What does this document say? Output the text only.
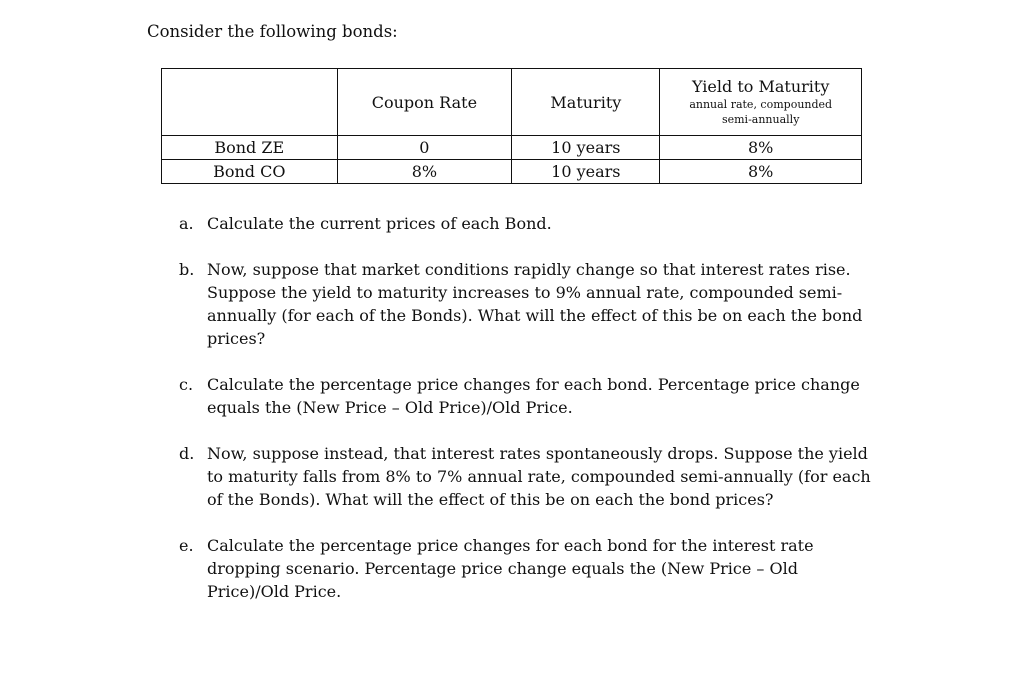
Consider the following bonds:
	Coupon Rate	Maturity	Yield to Maturity
annual rate, compounded
semi-annually

Bond ZE	0	10 years	8%
Bond CO	8%	10 years	8%
a. Calculate the current prices of each Bond.
b. Now, suppose that market conditions rapidly change so that interest rates rise. Suppose the yield to maturity increases to 9% annual rate, compounded semi-annually (for each of the Bonds). What will the effect of this be on each the bond prices?
c. Calculate the percentage price changes for each bond. Percentage price change equals the (New Price – Old Price)/Old Price.
d. Now, suppose instead, that interest rates spontaneously drops. Suppose the yield to maturity falls from 8% to 7% annual rate, compounded semi-annually (for each of the Bonds). What will the effect of this be on each the bond prices?
e. Calculate the percentage price changes for each bond for the interest rate dropping scenario. Percentage price change equals the (New Price – Old Price)/Old Price.
